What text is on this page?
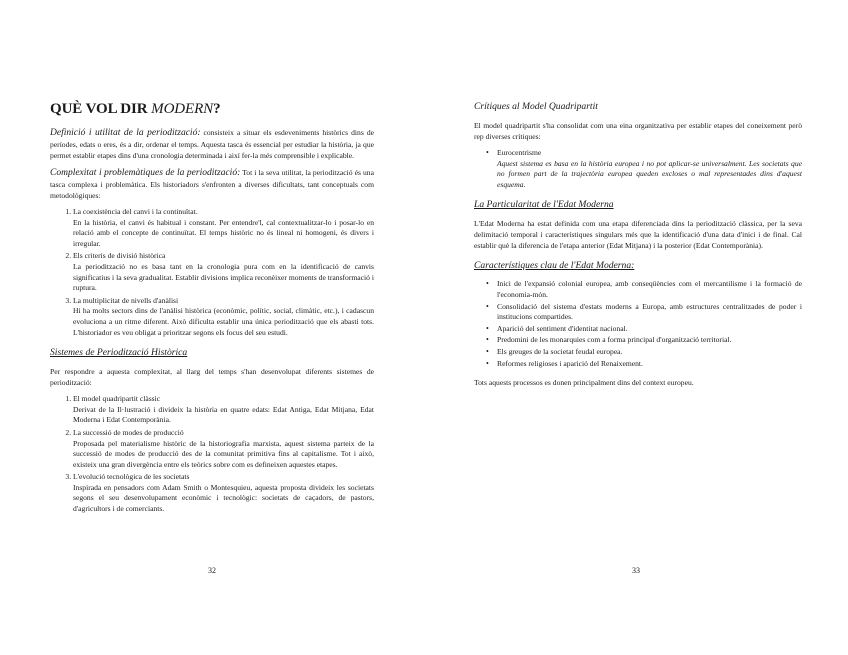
QUÈ VOL DIR MODERN?

Definició i utilitat de la periodització: consisteix a situar els esdeveniments històrics dins de períodes, edats o eres, és a dir, ordenar el temps. Aquesta tasca és essencial per estudiar la història, ja que permet establir etapes dins d'una cronologia determinada i així fer-la més comprensible i explicable.

Complexitat i problemàtiques de la periodització: Tot i la seva utilitat, la periodització és una tasca complexa i problemàtica. Els historiadors s'enfronten a diverses dificultats, tant conceptuals com metodològiques:

1. La coexistència del canvi i la continuïtat.
En la història, el canvi és habitual i constant. Per entendre'l, cal contextualitzar-lo i posar-lo en relació amb el concepte de continuïtat. El temps històric no és lineal ni homogeni, és divers i irregular.
2. Els criteris de divisió històrica
La periodització no es basa tant en la cronologia pura com en la identificació de canvis significatius i la seva gradualitat. Establir divisions implica reconèixer moments de transformació i ruptura.
3. La multiplicitat de nivells d'anàlisi
Hi ha molts sectors dins de l'anàlisi històrica (econòmic, polític, social, climàtic, etc.), i cadascun evoluciona a un ritme diferent. Això dificulta establir una única periodització que els abasti tots. L'historiador es veu obligat a prioritzar segons els focus del seu estudi.
Sistemes de Periodització Històrica

Per respondre a aquesta complexitat, al llarg del temps s'han desenvolupat diferents sistemes de periodització:

1. El model quadripartit clàssic
Derivat de la Il·lustració i divideix la història en quatre edats: Edat Antiga, Edat Mitjana, Edat Moderna i Edat Contemporània.
2. La successió de modes de producció
Proposada pel materialisme històric de la historiografia marxista, aquest sistema parteix de la successió de modes de producció des de la comunitat primitiva fins al capitalisme. Tot i això, existeix una gran divergència entre els teòrics sobre com es defineixen aquestes etapes.
3. L'evolució tecnològica de les societats
Inspirada en pensadors com Adam Smith o Montesquieu, aquesta proposta divideix les societats segons el seu desenvolupament econòmic i tecnològic: societats de caçadors, de pastors, d'agricultors i de comerciants.
32
Crítiques al Model Quadripartit

El model quadripartit s'ha consolidat com una eina organitzativa per establir etapes del coneixement però rep diverses crítiques:

• Eurocentrisme
Aquest sistema es basa en la història europea i no pot aplicar-se universalment. Les societats que no formen part de la trajectòria europea queden excloses o mal representades dins d'aquest esquema.
La Particularitat de l'Edat Moderna

L'Edat Moderna ha estat definida com una etapa diferenciada dins la periodització clàssica, per la seva delimitació temporal i característiques singulars més que la identificació d'una data d'inici i de final. Cal establir què la diferencia de l'etapa anterior (Edat Mitjana) i la posterior (Edat Contemporània).

Característiques clau de l'Edat Moderna:
• Inici de l'expansió colonial europea, amb conseqüències com el mercantilisme i la formació de l'economia-món.
• Consolidació del sistema d'estats moderns a Europa, amb estructures centralitzades de poder i institucions compartides.
• Aparició del sentiment d'identitat nacional.
• Predomini de les monarquies com a forma principal d'organització territorial.
• Els greuges de la societat feudal europea.
• Reformes religioses i aparició del Renaixement.

Tots aquests processos es donen principalment dins del context europeu.

33
